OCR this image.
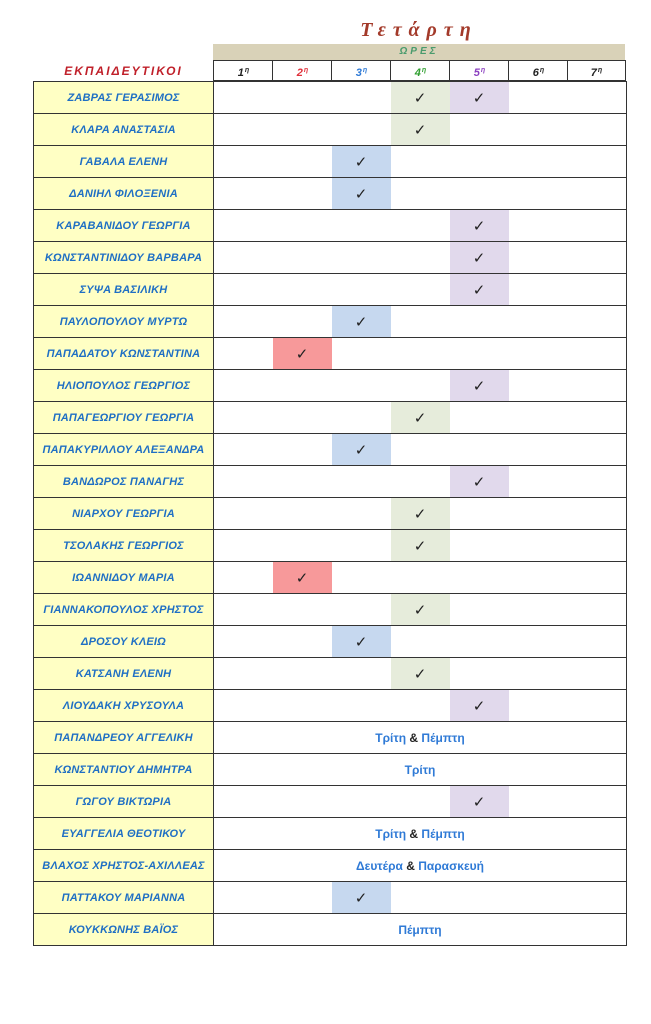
Τετάρτη
ΩΡΕΣ
ΕΚΠΑΙΔΕΥΤΙΚΟΙ	$1^\eta$	$2^\eta$	$3^\eta$	$4^\eta$	$5^\eta$	$6^\eta$	$7^\eta$
ΖΑΒΡΑΣ ΓΕΡΑΣΙΜΟΣ				✓	✓		
ΚΛΑΡΑ ΑΝΑΣΤΑΣΙΑ				✓			
ΓΑΒΑΛΑ ΕΛΕΝΗ			✓				
ΔΑΝΙΗΛ ΦΙΛΟΞΕΝΙΑ			✓				
ΚΑΡΑΒΑΝΙΔΟΥ ΓΕΩΡΓΙΑ					✓		
ΚΩΝΣΤΑΝΤΙΝΙΔΟΥ ΒΑΡΒΑΡΑ					✓		
ΣΥΨΑ ΒΑΣΙΛΙΚΗ					✓		
ΠΑΥΛΟΠΟΥΛΟΥ ΜΥΡΤΩ			✓				
ΠΑΠΑΔΑΤΟΥ ΚΩΝΣΤΑΝΤΙΝΑ		✓					
ΗΛΙΟΠΟΥΛΟΣ ΓΕΩΡΓΙΟΣ					✓		
ΠΑΠΑΓΕΩΡΓΙΟΥ ΓΕΩΡΓΙΑ				✓			
ΠΑΠΑΚΥΡΙΛΛΟΥ ΑΛΕΞΑΝΔΡΑ			✓				
ΒΑΝΔΩΡΟΣ ΠΑΝΑΓΗΣ					✓		
ΝΙΑΡΧΟΥ ΓΕΩΡΓΙΑ				✓			
ΤΣΟΛΑΚΗΣ ΓΕΩΡΓΙΟΣ				✓			
ΙΩΑΝΝΙΔΟΥ ΜΑΡΙΑ		✓					
ΓΙΑΝΝΑΚΟΠΟΥΛΟΣ ΧΡΗΣΤΟΣ				✓			
ΔΡΟΣΟΥ ΚΛΕΙΩ			✓				
ΚΑΤΣΑΝΗ ΕΛΕΝΗ				✓			
ΛΙΟΥΔΑΚΗ ΧΡΥΣΟΥΛΑ					✓		
ΠΑΠΑΝΔΡΕΟΥ ΑΓΓΕΛΙΚΗ	Τρίτη & Πέμπτη						
ΚΩΝΣΤΑΝΤΙΟΥ ΔΗΜΗΤΡΑ	Τρίτη						
ΓΩΓΟΥ ΒΙΚΤΩΡΙΑ					✓		
ΕΥΑΓΓΕΛΙΑ ΘΕΟΤΙΚΟΥ	Τρίτη & Πέμπτη						
ΒΛΑΧΟΣ ΧΡΗΣΤΟΣ-ΑΧΙΛΛΕΑΣ	Δευτέρα & Παρασκευή						
ΠΑΤΤΑΚΟΥ ΜΑΡΙΑΝΝΑ			✓				
ΚΟΥΚΚΩΝΗΣ ΒΑΪΟΣ	Πέμπτη						
